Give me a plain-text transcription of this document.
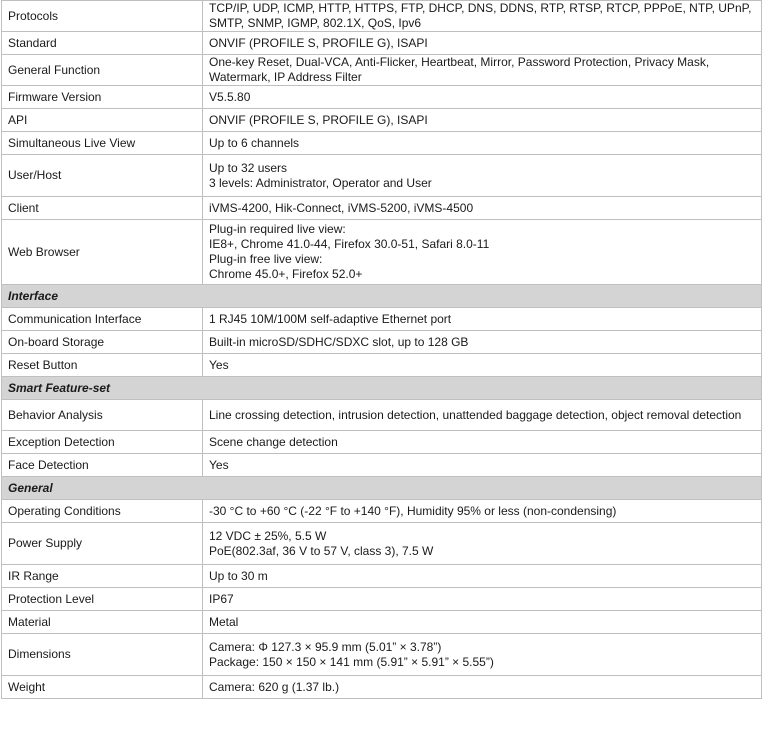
Protocols	TCP/IP, UDP, ICMP, HTTP, HTTPS, FTP, DHCP, DNS, DDNS, RTP, RTSP, RTCP, PPPoE, NTP, UPnP, SMTP, SNMP, IGMP, 802.1X, QoS, Ipv6

Standard	ONVIF (PROFILE S, PROFILE G), ISAPI

General Function	One-key Reset, Dual-VCA, Anti-Flicker, Heartbeat, Mirror, Password Protection, Privacy Mask, Watermark, IP Address Filter

Firmware Version	V5.5.80

API	ONVIF (PROFILE S, PROFILE G), ISAPI

Simultaneous Live View	Up to 6 channels

User/Host	Up to 32 users
3 levels: Administrator, Operator and User

Client	iVMS-4200, Hik-Connect, iVMS-5200, iVMS-4500

Web Browser	Plug-in required live view:
IE8+, Chrome 41.0-44, Firefox 30.0-51, Safari 8.0-11
Plug-in free live view:
Chrome 45.0+, Firefox 52.0+

Interface	
Communication Interface	1 RJ45 10M/100M self-adaptive Ethernet port

On-board Storage	Built-in microSD/SDHC/SDXC slot, up to 128 GB

Reset Button	Yes

Smart Feature-set	
Behavior Analysis	Line crossing detection, intrusion detection, unattended baggage detection, object removal detection

Exception Detection	Scene change detection

Face Detection	Yes

General	
Operating Conditions	-30 °C to +60 °C (-22 °F to +140 °F), Humidity 95% or less (non-condensing)

Power Supply	12 VDC ± 25%, 5.5 W
PoE(802.3af, 36 V to 57 V, class 3), 7.5 W

IR Range	Up to 30 m

Protection Level	IP67

Material	Metal

Dimensions	Camera: Φ 127.3 × 95.9 mm (5.01” × 3.78”)
Package: 150 × 150 × 141 mm (5.91” × 5.91” × 5.55”)

Weight	Camera: 620 g (1.37 lb.)
